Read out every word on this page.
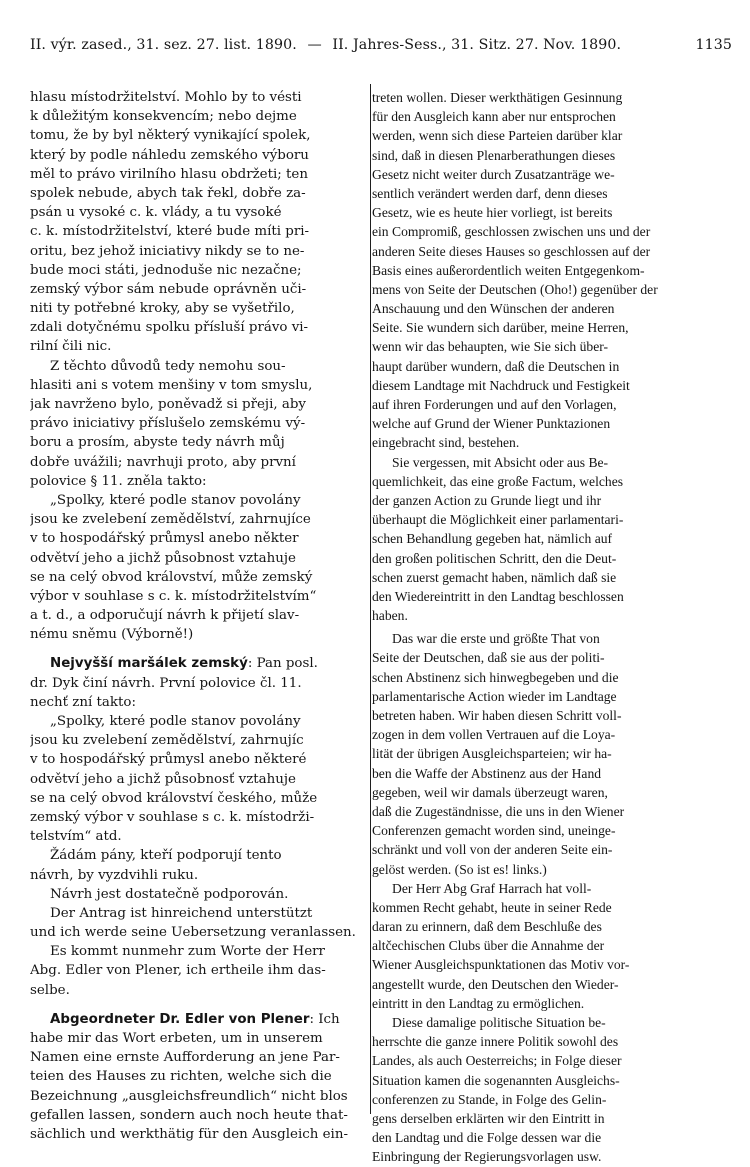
II. výr. zased., 31. sez. 27. list. 1890. — II. Jahres-Sess., 31. Sitz. 27. Nov. 1890.	1135
hlasu místodržitelství. Mohlo by to vésti
k důležitým konsekvencím; nebo dejme
tomu, že by byl některý vynikající spolek,
který by podle náhledu zemského výboru
měl to právo virilního hlasu obdržeti; ten
spolek nebude, abych tak řekl, dobře za-
psán u vysoké c. k. vlády, a tu vysoké
c. k. místodržitelství, které bude míti pri-
oritu, bez jehož iniciativy nikdy se to ne-
bude moci státi, jednoduše nic nezačne;
zemský výbor sám nebude oprávněn uči-
niti ty potřebné kroky, aby se vyšetřilo,
zdali dotyčnému spolku přísluší právo vi-
rilní čili nic.
Z těchto důvodů tedy nemohu sou-
hlasiti ani s votem menšiny v tom smyslu,
jak navrženo bylo, poněvadž si přeji, aby
právo iniciativy příslušelo zemskému vý-
boru a prosím, abyste tedy návrh můj
dobře uvážili; navrhuji proto, aby první
polovice § 11. zněla takto:
„Spolky, které podle stanov povolány
jsou ke zvelebení zemědělství, zahrnujíce
v to hospodářský průmysl anebo někter
odvětví jeho a jichž působnost vztahuje
se na celý obvod království, může zemský
výbor v souhlase s c. k. místodržitelstvím“
a t. d., a odporučují návrh k přijetí slav-
nému sněmu (Výborně!)
Nejvyšší maršálek zemský: Pan posl.
dr. Dyk činí návrh. První polovice čl. 11.
nechť zní takto:
„Spolky, které podle stanov povolány
jsou ku zvelebení zemědělství, zahrnujíc
v to hospodářský průmysl anebo některé
odvětví jeho a jichž působnosť vztahuje
se na celý obvod království českého, může
zemský výbor v souhlase s c. k. místodrži-
telstvím“ atd.
Žádám pány, kteří podporují tento
návrh, by vyzdvihli ruku.
Návrh jest dostatečně podporován.
Der Antrag ist hinreichend unterstützt
und ich werde seine Uebersetzung veranlassen.
Es kommt nunmehr zum Worte der Herr
Abg. Edler von Plener, ich ertheile ihm das-
selbe.
Abgeordneter Dr. Edler von Plener: Ich
habe mir das Wort erbeten, um in unserem
Namen eine ernste Aufforderung an jene Par-
teien des Hauses zu richten, welche sich die
Bezeichnung „ausgleichsfreundlich“ nicht blos
gefallen lassen, sondern auch noch heute that-
sächlich und werkthätig für den Ausgleich ein-
treten wollen. Dieser werkthätigen Gesinnung
für den Ausgleich kann aber nur entsprochen
werden, wenn sich diese Parteien darüber klar
sind, daß in diesen Plenarberathungen dieses
Gesetz nicht weiter durch Zusatzanträge we-
sentlich verändert werden darf, denn dieses
Gesetz, wie es heute hier vorliegt, ist bereits
ein Compromiß, geschlossen zwischen uns und der
anderen Seite dieses Hauses so geschlossen auf der
Basis eines außerordentlich weiten Entgegenkom-
mens von Seite der Deutschen (Oho!) gegenüber der
Anschauung und den Wünschen der anderen
Seite. Sie wundern sich darüber, meine Herren,
wenn wir das behaupten, wie Sie sich über-
haupt darüber wundern, daß die Deutschen in
diesem Landtage mit Nachdruck und Festigkeit
auf ihren Forderungen und auf den Vorlagen,
welche auf Grund der Wiener Punktazionen
eingebracht sind, bestehen.
Sie vergessen, mit Absicht oder aus Be-
quemlichkeit, das eine große Factum, welches
der ganzen Action zu Grunde liegt und ihr
überhaupt die Möglichkeit einer parlamentari-
schen Behandlung gegeben hat, nämlich auf
den großen politischen Schritt, den die Deut-
schen zuerst gemacht haben, nämlich daß sie
den Wiedereintritt in den Landtag beschlossen
haben.
Das war die erste und größte That von
Seite der Deutschen, daß sie aus der politi-
schen Abstinenz sich hinwegbegeben und die
parlamentarische Action wieder im Landtage
betreten haben. Wir haben diesen Schritt voll-
zogen in dem vollen Vertrauen auf die Loya-
lität der übrigen Ausgleichsparteien; wir ha-
ben die Waffe der Abstinenz aus der Hand
gegeben, weil wir damals überzeugt waren,
daß die Zugeständnisse, die uns in den Wiener
Conferenzen gemacht worden sind, uneinge-
schränkt und voll von der anderen Seite ein-
gelöst werden. (So ist es! links.)
Der Herr Abg Graf Harrach hat voll-
kommen Recht gehabt, heute in seiner Rede
daran zu erinnern, daß dem Beschluße des
altčechischen Clubs über die Annahme der
Wiener Ausgleichspunktationen das Motiv vor-
angestellt wurde, den Deutschen den Wieder-
eintritt in den Landtag zu ermöglichen.
Diese damalige politische Situation be-
herrschte die ganze innere Politik sowohl des
Landes, als auch Oesterreichs; in Folge dieser
Situation kamen die sogenannten Ausgleichs-
conferenzen zu Stande, in Folge des Gelin-
gens derselben erklärten wir den Eintritt in
den Landtag und die Folge dessen war die
Einbringung der Regierungsvorlagen usw.
